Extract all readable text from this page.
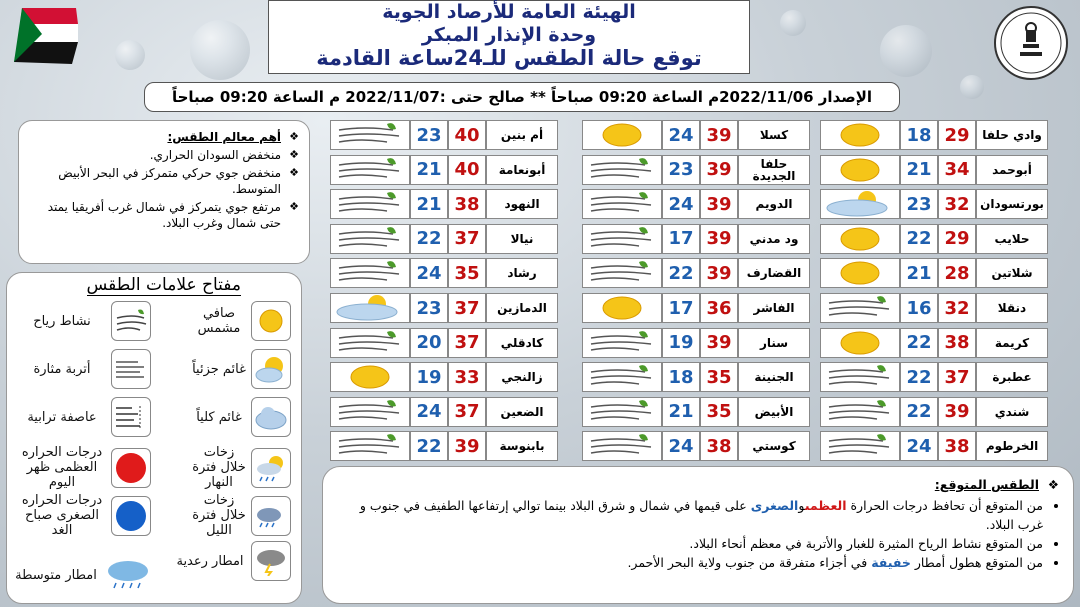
الهيئة العامة للأرصاد الجوية
وحدة الإنذار المبكر
توقع حالة الطقس للـ24ساعة القادمة
الإصدار 2022/11/06م الساعة 09:20 صباحاً ** صالح حتى :2022/11/07 م الساعة 09:20 صباحاً
❖ أهم معالم الطقس:
❖ منخفض السودان الحراري.
❖ منخفض جوي حركي متمركز في البحر الأبيض المتوسط.
❖ مرتفع جوي يتمركز في شمال غرب أفريقيا يمتد حتى شمال وغرب البلاد.
مفتاح علامات الطقس
صافي مشمس
نشاط رياح
غائم جزئياً
أتربة مثارة
غائم كلياً
عاصفة ترابية
زخات خلال فترة النهار
درجات الحراره العظمى ظهر اليوم
زخات خلال فترة الليل
درجات الحراره الصغرى صباح الغد
امطار رعدية
امطار متوسطة
وادي حلفا
29
18
أبوحمد
34
21
بورتسودان
32
23
حلايب
29
22
شلاتين
28
21
دنقلا
32
16
كريمة
38
22
عطبرة
37
22
شندي
39
22
الخرطوم
38
24
كسلا
39
24
حلفا الجديدة
39
23
الدويم
39
24
ود مدني
39
17
القضارف
39
22
الفاشر
36
17
سنار
39
19
الجنينة
35
18
الأبيض
35
21
كوستي
38
24
أم بنين
40
23
أبونعامة
40
21
النهود
38
21
نيالا
37
22
رشاد
35
24
الدمازين
37
23
كادقلي
37
20
زالنجي
33
19
الضعين
37
24
بابنوسة
39
22
❖ الطقس المتوقع:
• من المتوقع أن تحافظ درجات الحرارة العظمىوالصغرى على قيمها في شمال و شرق البلاد بينما توالي إرتفاعها الطفيف في جنوب و غرب البلاد.
• من المتوقع نشاط الرياح المثيرة للغبار والأتربة في معظم أنحاء البلاد.
• من المتوقع هطول أمطار خفيفة في أجزاء متفرقة من جنوب ولاية البحر الأحمر.
